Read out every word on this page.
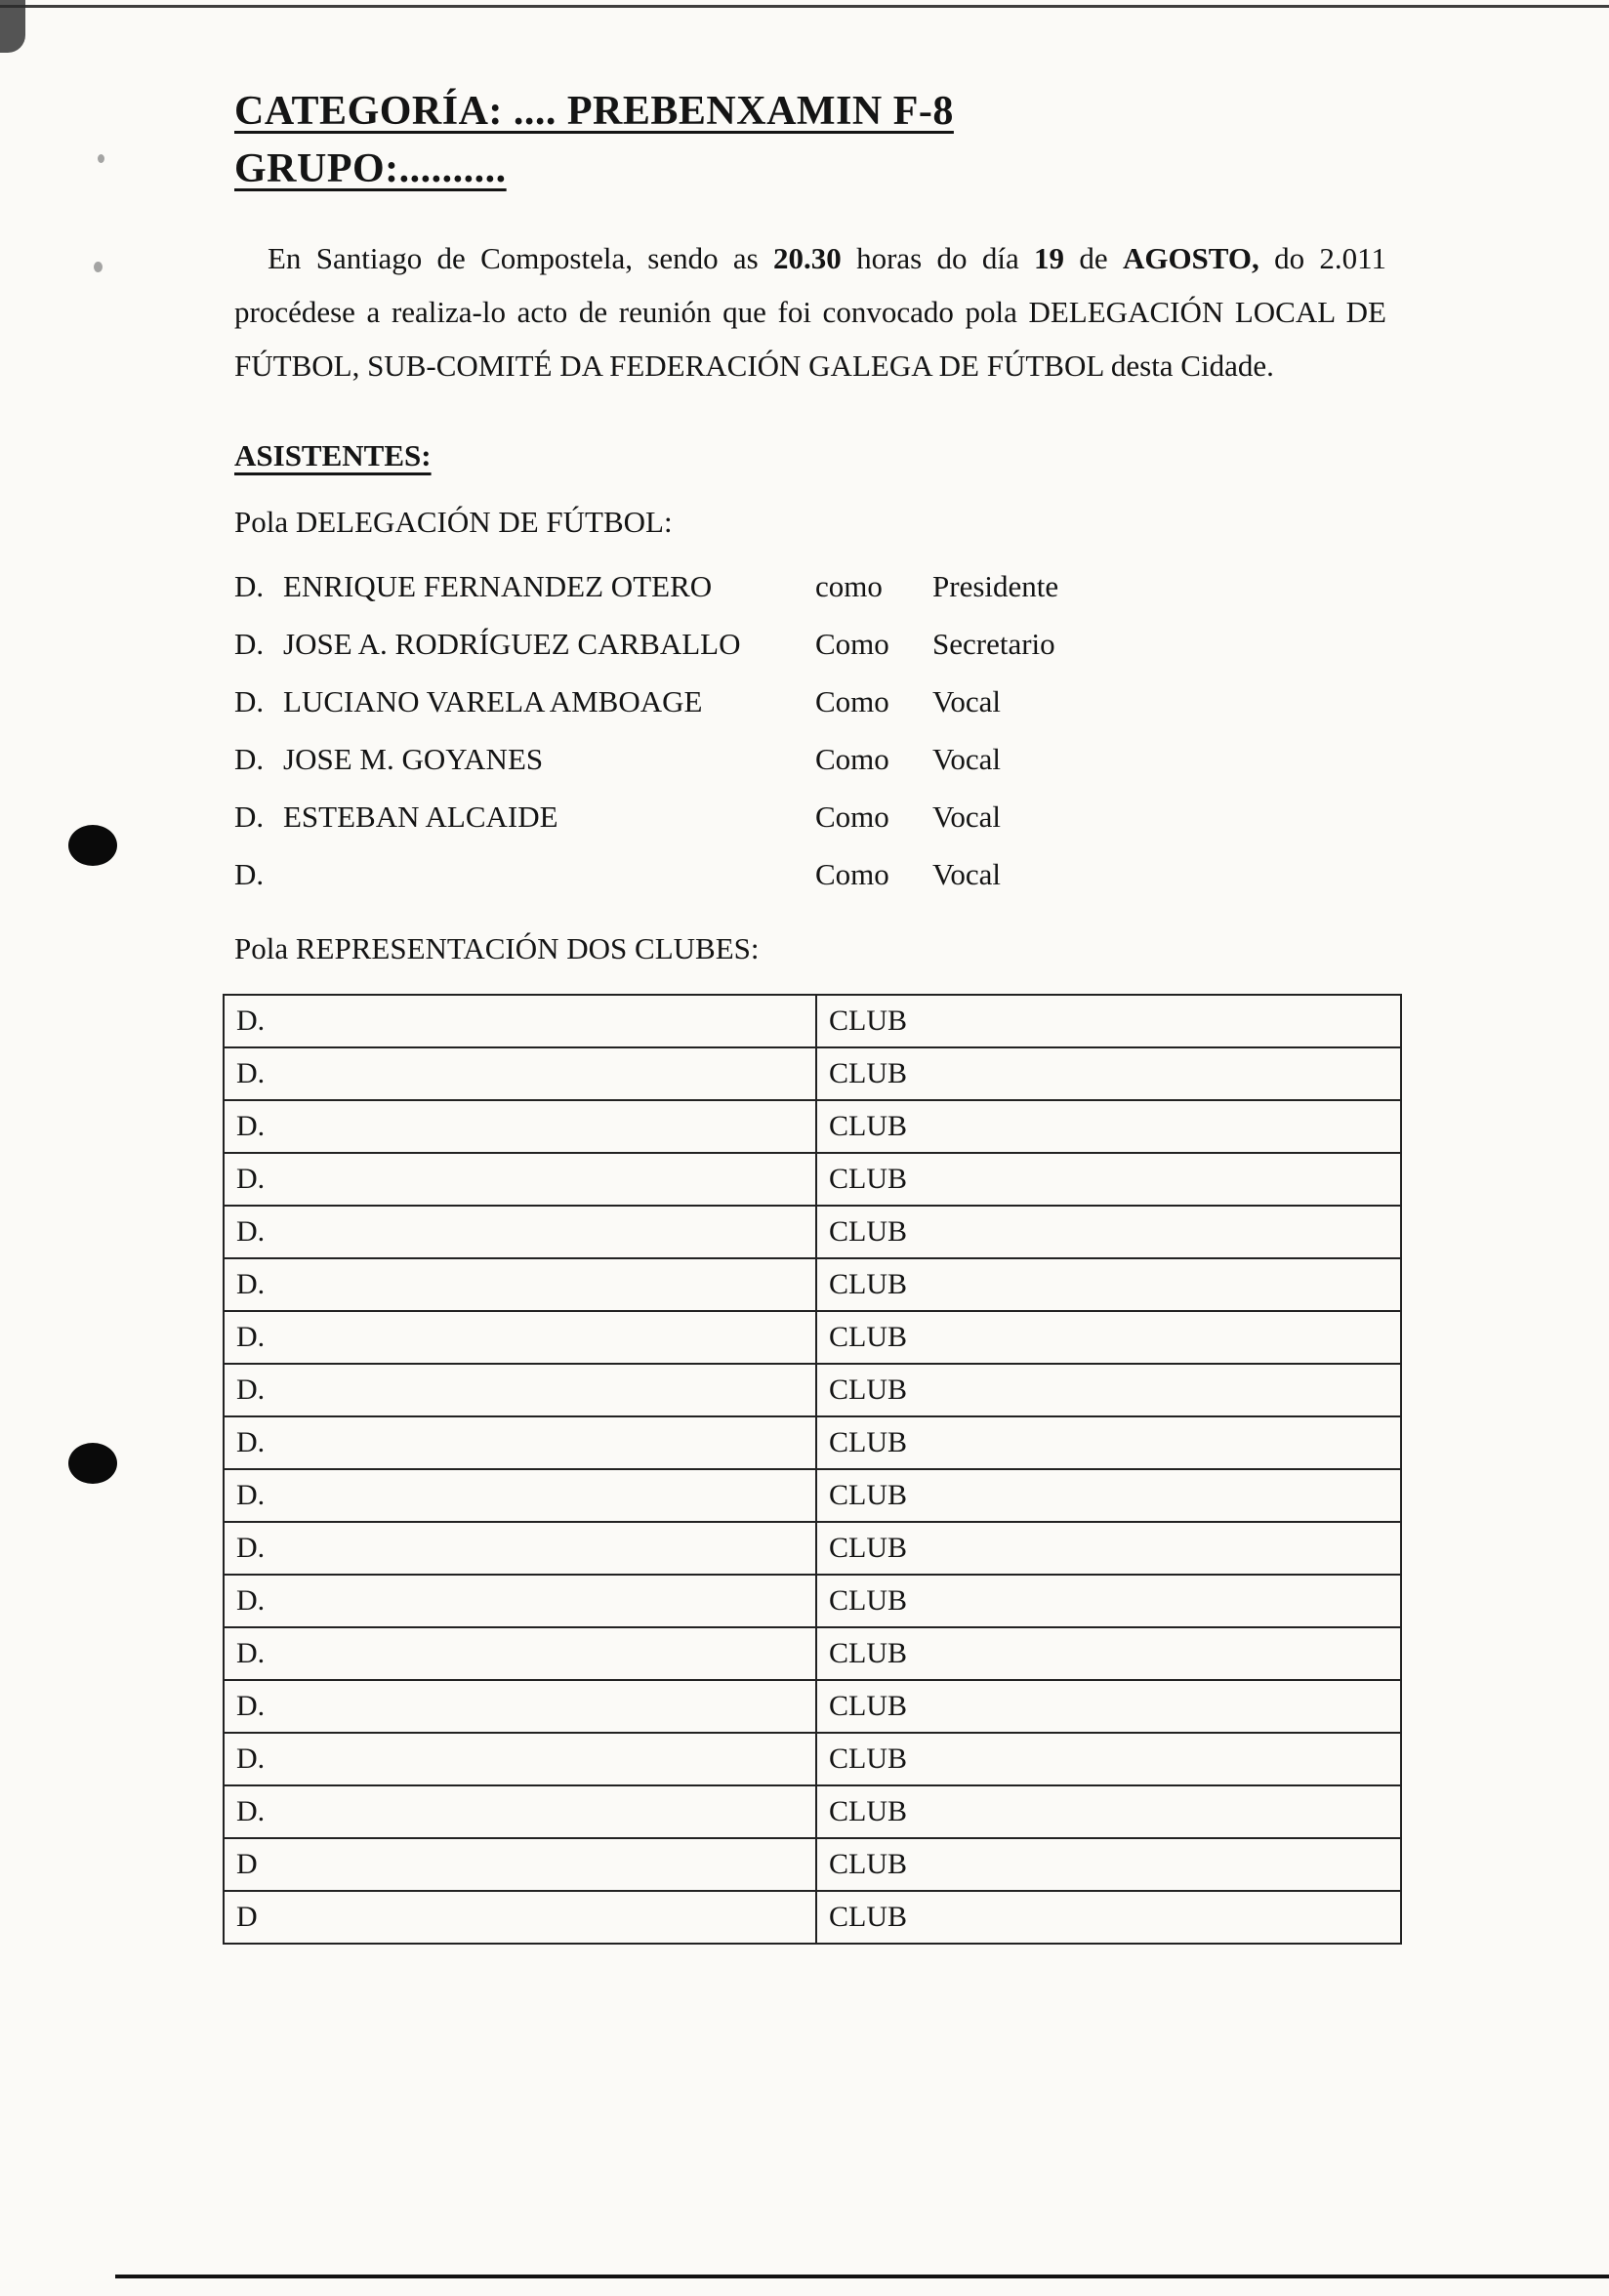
CATEGORÍA: .... PREBENXAMIN F-8
GRUPO:..........

En Santiago de Compostela, sendo as 20.30 horas do día 19 de AGOSTO, do 2.011 procédese a realiza-lo acto de reunión que foi convocado pola DELEGACIÓN LOCAL DE FÚTBOL, SUB-COMITÉ DA FEDERACIÓN GALEGA DE FÚTBOL desta Cidade.

ASISTENTES:
Pola DELEGACIÓN DE FÚTBOL:
D. ENRIQUE FERNANDEZ OTERO	como	Presidente
D. JOSE A. RODRÍGUEZ CARBALLO	Como	Secretario
D. LUCIANO VARELA AMBOAGE	Como	Vocal
D. JOSE M. GOYANES	Como	Vocal
D. ESTEBAN ALCAIDE	Como	Vocal
D.	Como	Vocal
Pola REPRESENTACIÓN DOS CLUBES:
D.	CLUB
D.	CLUB
D.	CLUB
D.	CLUB
D.	CLUB
D.	CLUB
D.	CLUB
D.	CLUB
D.	CLUB
D.	CLUB
D.	CLUB
D.	CLUB
D.	CLUB
D.	CLUB
D.	CLUB
D.	CLUB
D	CLUB
D	CLUB
